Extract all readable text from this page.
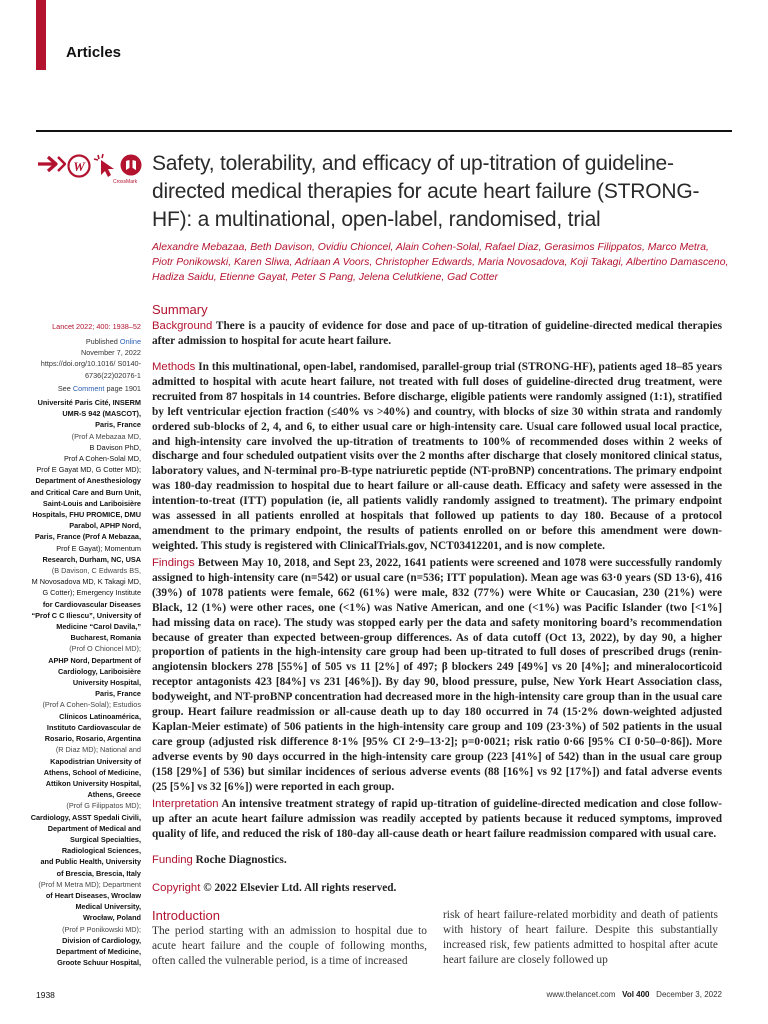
Articles
W
CrossMark
Safety, tolerability, and efficacy of up-titration of guideline-directed medical therapies for acute heart failure (STRONG-HF): a multinational, open-label, randomised, trial
Alexandre Mebazaa, Beth Davison, Ovidiu Chioncel, Alain Cohen-Solal, Rafael Diaz, Gerasimos Filippatos, Marco Metra, Piotr Ponikowski, Karen Sliwa, Adriaan A Voors, Christopher Edwards, Maria Novosadova, Koji Takagi, Albertino Damasceno, Hadiza Saidu, Etienne Gayat, Peter S Pang, Jelena Celutkiene, Gad Cotter
Summary

Background There is a paucity of evidence for dose and pace of up-titration of guideline-directed medical therapies after admission to hospital for acute heart failure.

Methods In this multinational, open-label, randomised, parallel-group trial (STRONG-HF), patients aged 18–85 years admitted to hospital with acute heart failure, not treated with full doses of guideline-directed drug treatment, were recruited from 87 hospitals in 14 countries. Before discharge, eligible patients were randomly assigned (1:1), stratified by left ventricular ejection fraction (≤40% vs >40%) and country, with blocks of size 30 within strata and randomly ordered sub-blocks of 2, 4, and 6, to either usual care or high-intensity care. Usual care followed usual local practice, and high-intensity care involved the up-titration of treatments to 100% of recommended doses within 2 weeks of discharge and four scheduled outpatient visits over the 2 months after discharge that closely monitored clinical status, laboratory values, and N-terminal pro-B-type natriuretic peptide (NT-proBNP) concentrations. The primary endpoint was 180-day readmission to hospital due to heart failure or all-cause death. Efficacy and safety were assessed in the intention-to-treat (ITT) population (ie, all patients validly randomly assigned to treatment). The primary endpoint was assessed in all patients enrolled at hospitals that followed up patients to day 180. Because of a protocol amendment to the primary endpoint, the results of patients enrolled on or before this amendment were down-weighted. This study is registered with ClinicalTrials.gov, NCT03412201, and is now complete.

Findings Between May 10, 2018, and Sept 23, 2022, 1641 patients were screened and 1078 were successfully randomly assigned to high-intensity care (n=542) or usual care (n=536; ITT population). Mean age was 63·0 years (SD 13·6), 416 (39%) of 1078 patients were female, 662 (61%) were male, 832 (77%) were White or Caucasian, 230 (21%) were Black, 12 (1%) were other races, one (<1%) was Native American, and one (<1%) was Pacific Islander (two [<1%] had missing data on race). The study was stopped early per the data and safety monitoring board’s recommendation because of greater than expected between-group differences. As of data cutoff (Oct 13, 2022), by day 90, a higher proportion of patients in the high-intensity care group had been up-titrated to full doses of prescribed drugs (renin-angiotensin blockers 278 [55%] of 505 vs 11 [2%] of 497; β blockers 249 [49%] vs 20 [4%]; and mineralocorticoid receptor antagonists 423 [84%] vs 231 [46%]). By day 90, blood pressure, pulse, New York Heart Association class, bodyweight, and NT-proBNP concentration had decreased more in the high-intensity care group than in the usual care group. Heart failure readmission or all-cause death up to day 180 occurred in 74 (15·2% down-weighted adjusted Kaplan-Meier estimate) of 506 patients in the high-intensity care group and 109 (23·3%) of 502 patients in the usual care group (adjusted risk difference 8·1% [95% CI 2·9–13·2]; p=0·0021; risk ratio 0·66 [95% CI 0·50–0·86]). More adverse events by 90 days occurred in the high-intensity care group (223 [41%] of 542) than in the usual care group (158 [29%] of 536) but similar incidences of serious adverse events (88 [16%] vs 92 [17%]) and fatal adverse events (25 [5%] vs 32 [6%]) were reported in each group.

Interpretation An intensive treatment strategy of rapid up-titration of guideline-directed medication and close follow-up after an acute heart failure admission was readily accepted by patients because it reduced symptoms, improved quality of life, and reduced the risk of 180-day all-cause death or heart failure readmission compared with usual care.

Funding Roche Diagnostics.

Copyright © 2022 Elsevier Ltd. All rights reserved.

Lancet 2022; 400: 1938–52
Published Online
November 7, 2022
https://doi.org/10.1016/ S0140-6736(22)02076-1
See Comment page 1901
Université Paris Cité, INSERM
UMR-S 942 (MASCOT),
Paris, France
(Prof A Mebazaa MD,
B Davison PhD,
Prof A Cohen-Solal MD,
Prof E Gayat MD, G Cotter MD);
Department of Anesthesiology
and Critical Care and Burn Unit,
Saint-Louis and Lariboisière
Hospitals, FHU PROMICE, DMU
Parabol, APHP Nord,
Paris, France (Prof A Mebazaa,
Prof E Gayat); Momentum
Research, Durham, NC, USA
(B Davison, C Edwards BS,
M Novosadova MD, K Takagi MD,
G Cotter); Emergency Institute
for Cardiovascular Diseases
“Prof C C Iliescu”, University of
Medicine “Carol Davila,”
Bucharest, Romania
(Prof O Chioncel MD);
APHP Nord, Department of
Cardiology, Lariboisière
University Hospital,
Paris, France
(Prof A Cohen-Solal); Estudios
Clínicos Latinoamérica,
Instituto Cardiovascular de
Rosario, Rosario, Argentina
(R Diaz MD); National and
Kapodistrian University of
Athens, School of Medicine,
Attikon University Hospital,
Athens, Greece
(Prof G Filippatos MD);
Cardiology, ASST Spedali Civili,
Department of Medical and
Surgical Specialties,
Radiological Sciences,
and Public Health, University
of Brescia, Brescia, Italy
(Prof M Metra MD); Department
of Heart Diseases, Wroclaw
Medical University,
Wrocław, Poland
(Prof P Ponikowski MD);
Division of Cardiology,
Department of Medicine,
Groote Schuur Hospital,
Introduction

The period starting with an admission to hospital due to acute heart failure and the couple of following months, often called the vulnerable period, is a time of increased

risk of heart failure-related morbidity and death of patients with history of heart failure. Despite this substantially increased risk, few patients admitted to hospital after acute heart failure are closely followed up

1938	www.thelancet.com Vol 400 December 3, 2022
